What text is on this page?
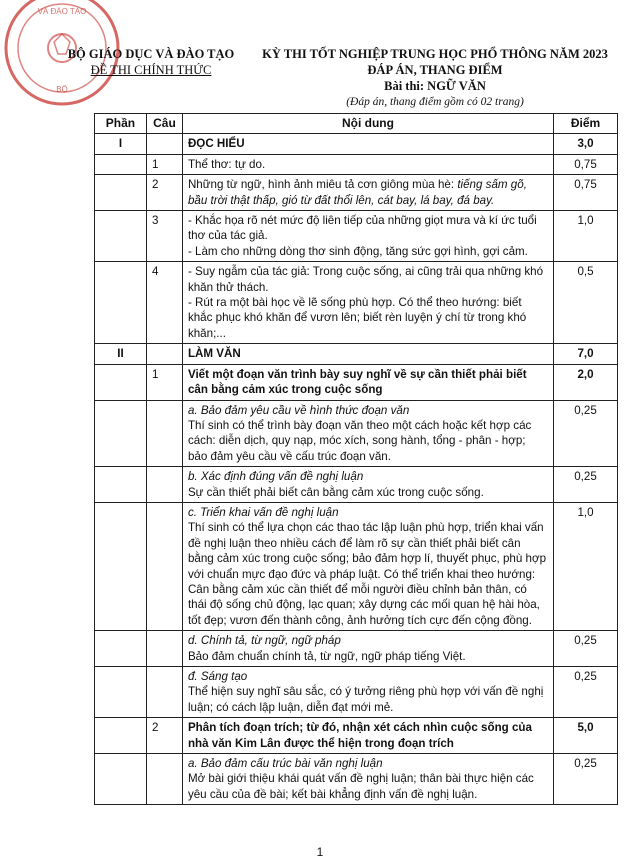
VÀ ĐÀO TẠO
BỘ
BỘ GIÁO DỤC VÀ ĐÀO TẠO
ĐỀ THI CHÍNH THỨC
KỲ THI TỐT NGHIỆP TRUNG HỌC PHỔ THÔNG NĂM 2023
ĐÁP ÁN, THANG ĐIỂM
Bài thi: NGỮ VĂN
(Đáp án, thang điểm gồm có 02 trang)
Phần	Câu	Nội dung	Điểm
I		ĐỌC HIỂU	3,0
	1	Thể thơ: tự do.	0,75
	2	Những từ ngữ, hình ảnh miêu tả cơn giông mùa hè: tiếng sấm gõ, bầu trời thật thấp, gió từ đất thổi lên, cát bay, lá bay, đá bay.	0,75
	3	- Khắc họa rõ nét mức độ liên tiếp của những giọt mưa và kí ức tuổi thơ của tác giả.

- Làm cho những dòng thơ sinh động, tăng sức gợi hình, gợi cảm.	1,0
	4	- Suy ngẫm của tác giả: Trong cuộc sống, ai cũng trải qua những khó khăn thử thách.

- Rút ra một bài học về lẽ sống phù hợp. Có thể theo hướng: biết khắc phục khó khăn để vươn lên; biết rèn luyện ý chí từ trong khó khăn;...	0,5
II		LÀM VĂN	7,0
	1	Viết một đoạn văn trình bày suy nghĩ về sự cần thiết phải biết cân bằng cảm xúc trong cuộc sống	2,0

		a. Bảo đảm yêu cầu về hình thức đoạn văn

Thí sinh có thể trình bày đoạn văn theo một cách hoặc kết hợp các cách: diễn dịch, quy nạp, móc xích, song hành, tổng - phân - hợp; bảo đảm yêu cầu về cấu trúc đoạn văn.	0,25

		b. Xác định đúng vấn đề nghị luận

Sự cần thiết phải biết cân bằng cảm xúc trong cuộc sống.	0,25

		c. Triển khai vấn đề nghị luận

Thí sinh có thể lựa chọn các thao tác lập luận phù hợp, triển khai vấn đề nghị luận theo nhiều cách để làm rõ sự cần thiết phải biết cân bằng cảm xúc trong cuộc sống; bảo đảm hợp lí, thuyết phục, phù hợp với chuẩn mực đạo đức và pháp luật. Có thể triển khai theo hướng:

Cân bằng cảm xúc cần thiết để mỗi người điều chỉnh bản thân, có thái độ sống chủ động, lạc quan; xây dựng các mối quan hệ hài hòa, tốt đẹp; vươn đến thành công, ảnh hưởng tích cực đến cộng đồng.	1,0

		d. Chính tả, từ ngữ, ngữ pháp

Bảo đảm chuẩn chính tả, từ ngữ, ngữ pháp tiếng Việt.	0,25

		đ. Sáng tạo

Thể hiện suy nghĩ sâu sắc, có ý tưởng riêng phù hợp với vấn đề nghị luận; có cách lập luận, diễn đạt mới mẻ.	0,25
	2	Phân tích đoạn trích; từ đó, nhận xét cách nhìn cuộc sống của nhà văn Kim Lân được thể hiện trong đoạn trích	5,0

		a. Bảo đảm cấu trúc bài văn nghị luận

Mở bài giới thiệu khái quát vấn đề nghị luận; thân bài thực hiện các yêu cầu của đề bài; kết bài khẳng định vấn đề nghị luận.	0,25
1
